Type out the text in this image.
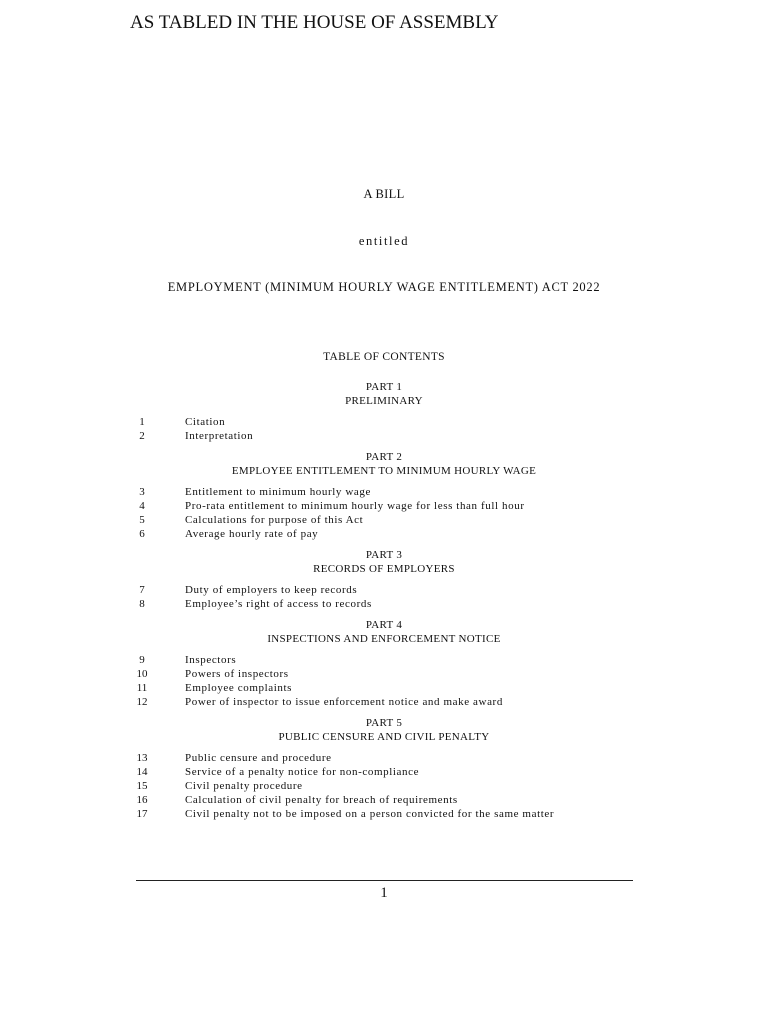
AS TABLED IN THE HOUSE OF ASSEMBLY
A BILL
entitled
EMPLOYMENT (MINIMUM HOURLY WAGE ENTITLEMENT) ACT 2022
TABLE OF CONTENTS
PART 1
PRELIMINARY
1	Citation
2	Interpretation
PART 2
EMPLOYEE ENTITLEMENT TO MINIMUM HOURLY WAGE
3	Entitlement to minimum hourly wage
4	Pro-rata entitlement to minimum hourly wage for less than full hour
5	Calculations for purpose of this Act
6	Average hourly rate of pay
PART 3
RECORDS OF EMPLOYERS
7	Duty of employers to keep records
8	Employee’s right of access to records
PART 4
INSPECTIONS AND ENFORCEMENT NOTICE
9	Inspectors
10	Powers of inspectors
11	Employee complaints
12	Power of inspector to issue enforcement notice and make award
PART 5
PUBLIC CENSURE AND CIVIL PENALTY
13	Public censure and procedure
14	Service of a penalty notice for non-compliance
15	Civil penalty procedure
16	Calculation of civil penalty for breach of requirements
17	Civil penalty not to be imposed on a person convicted for the same matter
1
